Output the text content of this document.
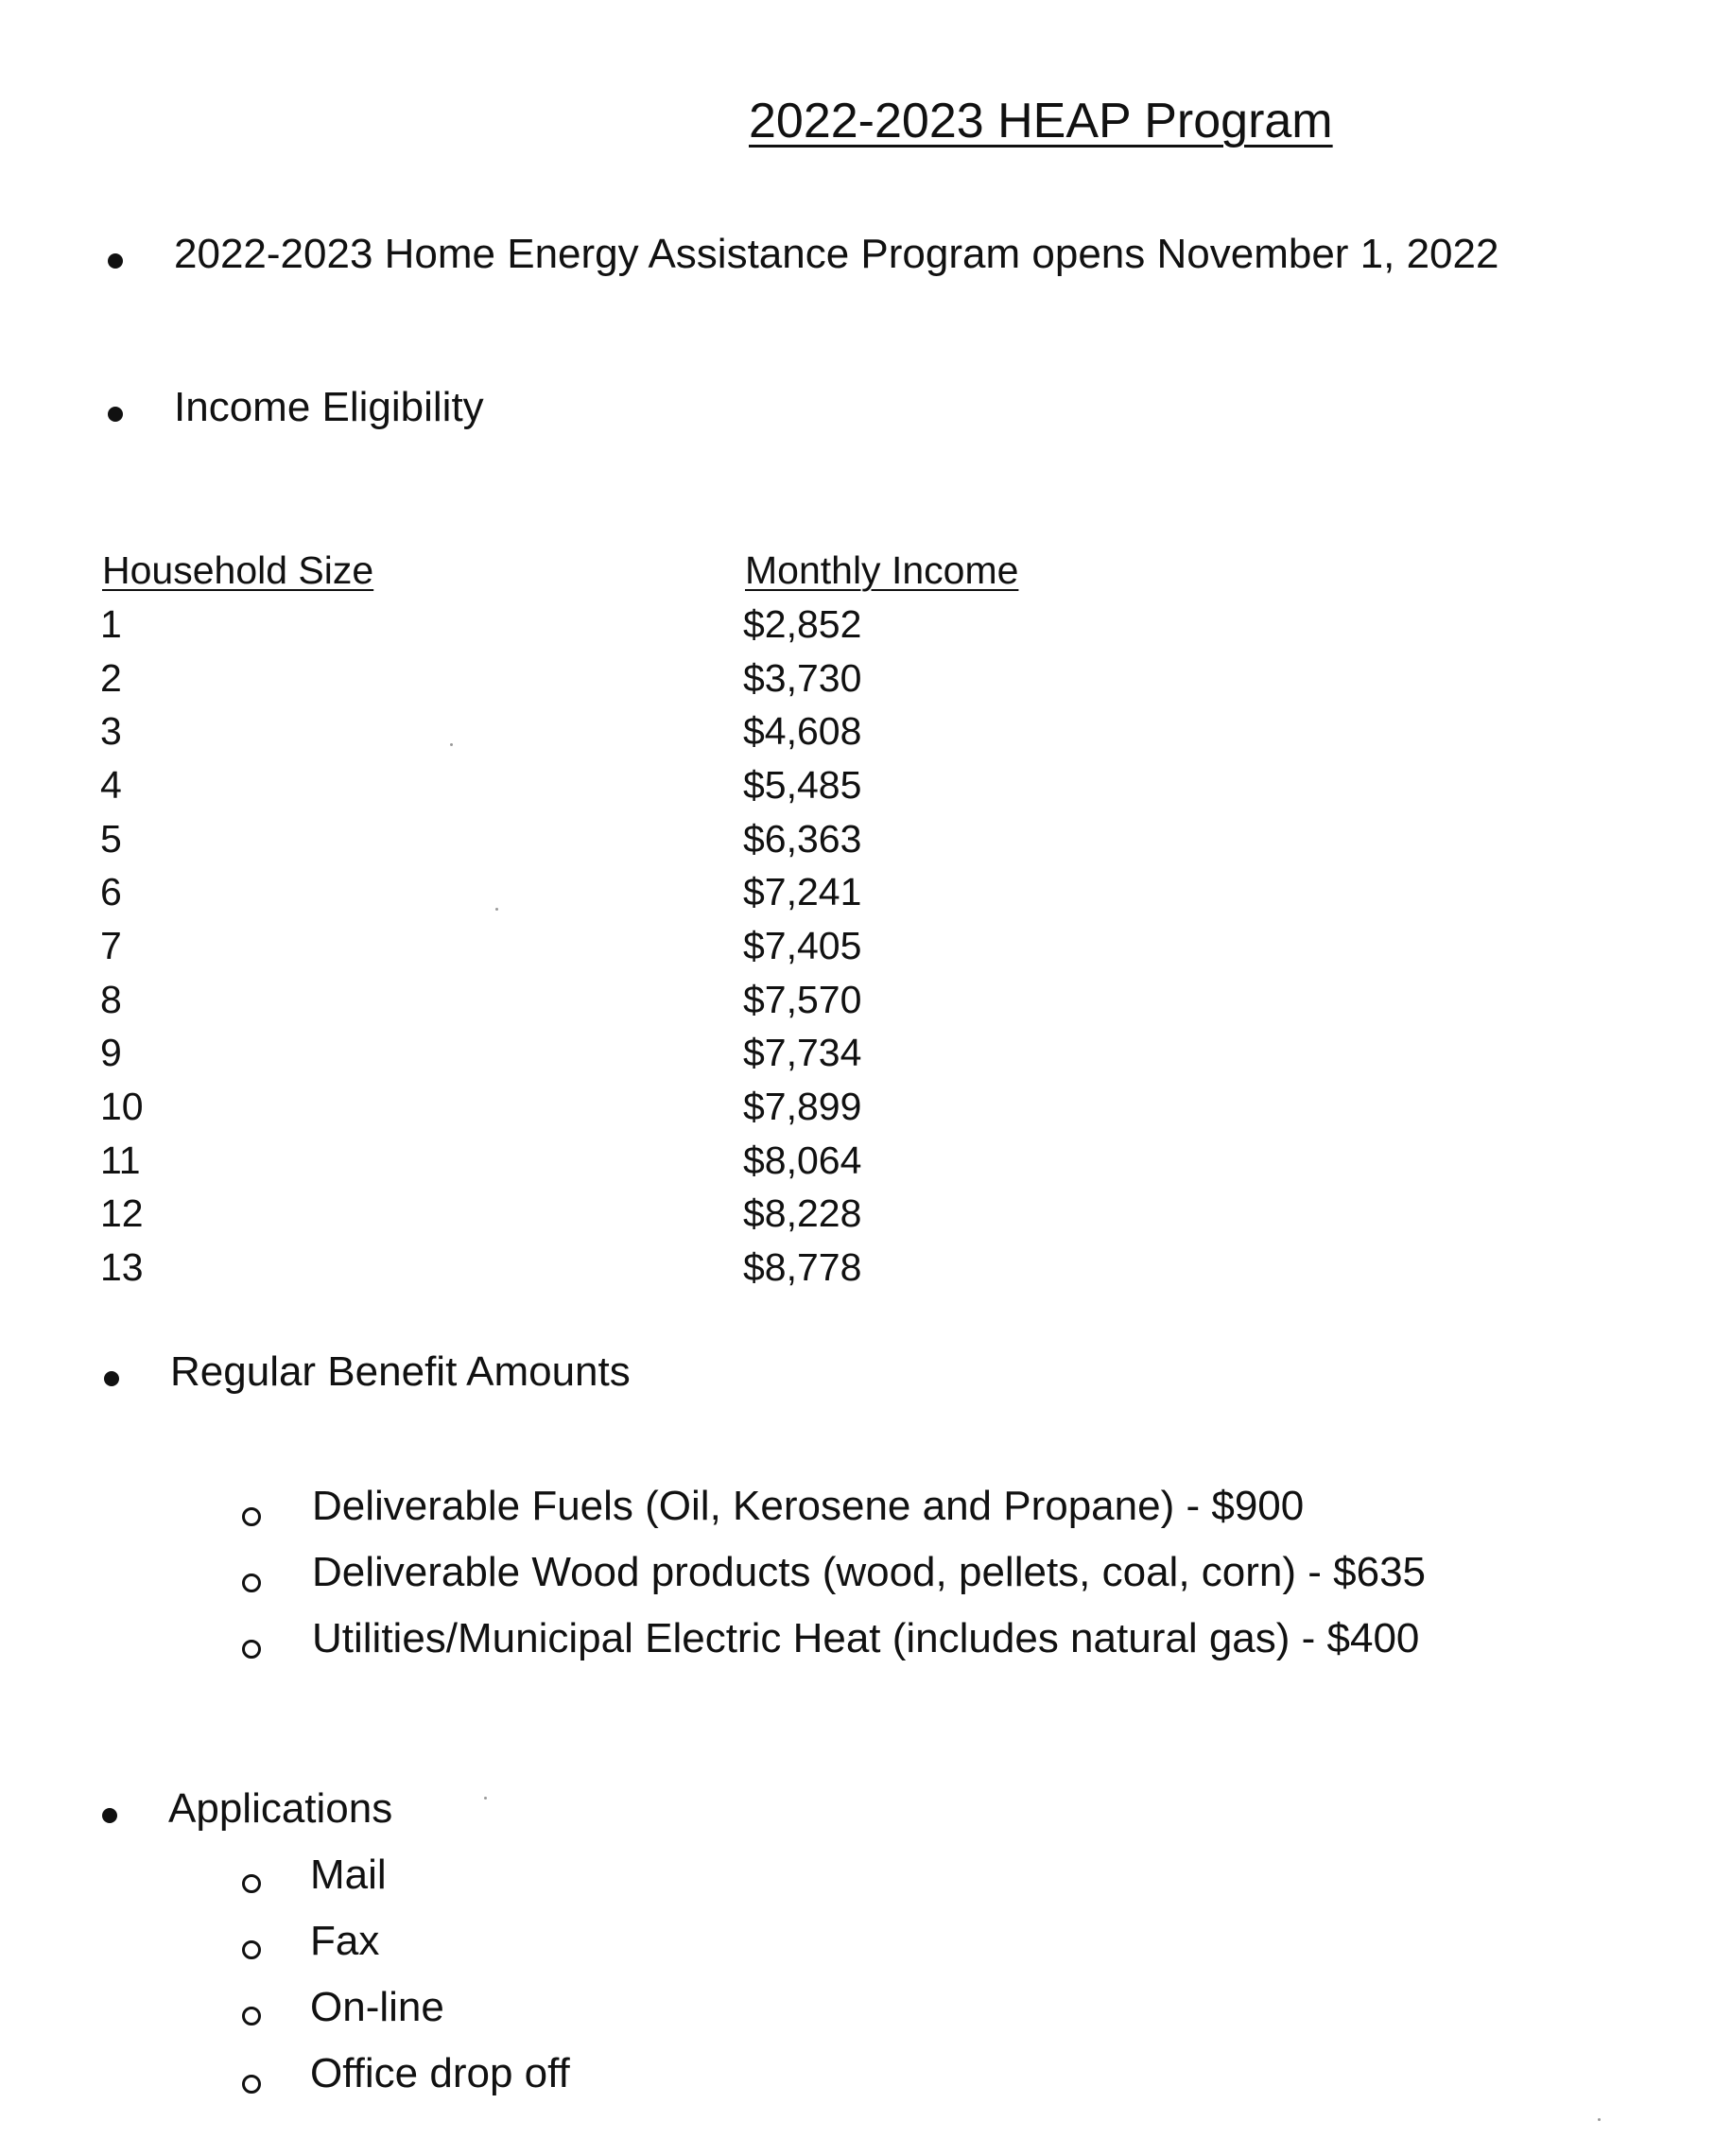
2022-2023 HEAP Program
2022-2023 Home Energy Assistance Program opens November 1, 2022
Income Eligibility
Household Size	Monthly Income
1	$2,852
2	$3,730
3	$4,608
4	$5,485
5	$6,363
6	$7,241
7	$7,405
8	$7,570
9	$7,734
10	$7,899
11	$8,064
12	$8,228
13	$8,778
Regular Benefit Amounts
Deliverable Fuels (Oil, Kerosene and Propane) - $900
Deliverable Wood products (wood, pellets, coal, corn) - $635
Utilities/Municipal Electric Heat (includes natural gas) - $400
Applications
Mail
Fax
On-line
Office drop off
